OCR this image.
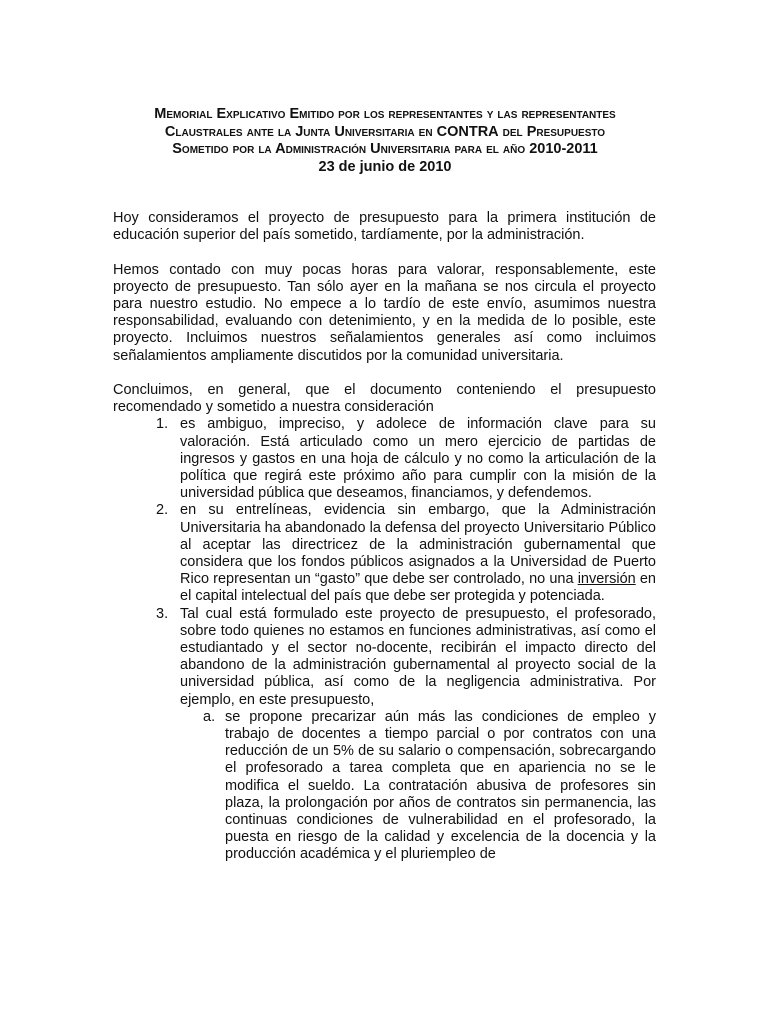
Memorial Explicativo Emitido por los representantes y las representantes
Claustrales ante la Junta Universitaria en CONTRA del Presupuesto
Sometido por la Administración Universitaria para el año 2010-2011

23 de junio de 2010

Hoy consideramos el proyecto de presupuesto para la primera institución de educación superior del país sometido, tardíamente, por la administración.

Hemos contado con muy pocas horas para valorar, responsablemente, este proyecto de presupuesto. Tan sólo ayer en la mañana se nos circula el proyecto para nuestro estudio. No empece a lo tardío de este envío, asumimos nuestra responsabilidad, evaluando con detenimiento, y en la medida de lo posible, este proyecto. Incluimos nuestros señalamientos generales así como incluimos señalamientos ampliamente discutidos por la comunidad universitaria.

Concluimos, en general, que el documento conteniendo el presupuesto recomendado y sometido a nuestra consideración

1. es ambiguo, impreciso, y adolece de información clave para su valoración. Está articulado como un mero ejercicio de partidas de ingresos y gastos en una hoja de cálculo y no como la articulación de la política que regirá este próximo año para cumplir con la misión de la universidad pública que deseamos, financiamos, y defendemos.
2. en su entrelíneas, evidencia sin embargo, que la Administración Universitaria ha abandonado la defensa del proyecto Universitario Público al aceptar las directricez de la administración gubernamental que considera que los fondos públicos asignados a la Universidad de Puerto Rico representan un “gasto” que debe ser controlado, no una inversión en el capital intelectual del país que debe ser protegida y potenciada.
3. Tal cual está formulado este proyecto de presupuesto, el profesorado, sobre todo quienes no estamos en funciones administrativas, así como el estudiantado y el sector no-docente, recibirán el impacto directo del abandono de la administración gubernamental al proyecto social de la universidad pública, así como de la negligencia administrativa. Por ejemplo, en este presupuesto,
a. se propone precarizar aún más las condiciones de empleo y trabajo de docentes a tiempo parcial o por contratos con una reducción de un 5% de su salario o compensación, sobrecargando el profesorado a tarea completa que en apariencia no se le modifica el sueldo. La contratación abusiva de profesores sin plaza, la prolongación por años de contratos sin permanencia, las continuas condiciones de vulnerabilidad en el profesorado, la puesta en riesgo de la calidad y excelencia de la docencia y la producción académica y el pluriempleo de
